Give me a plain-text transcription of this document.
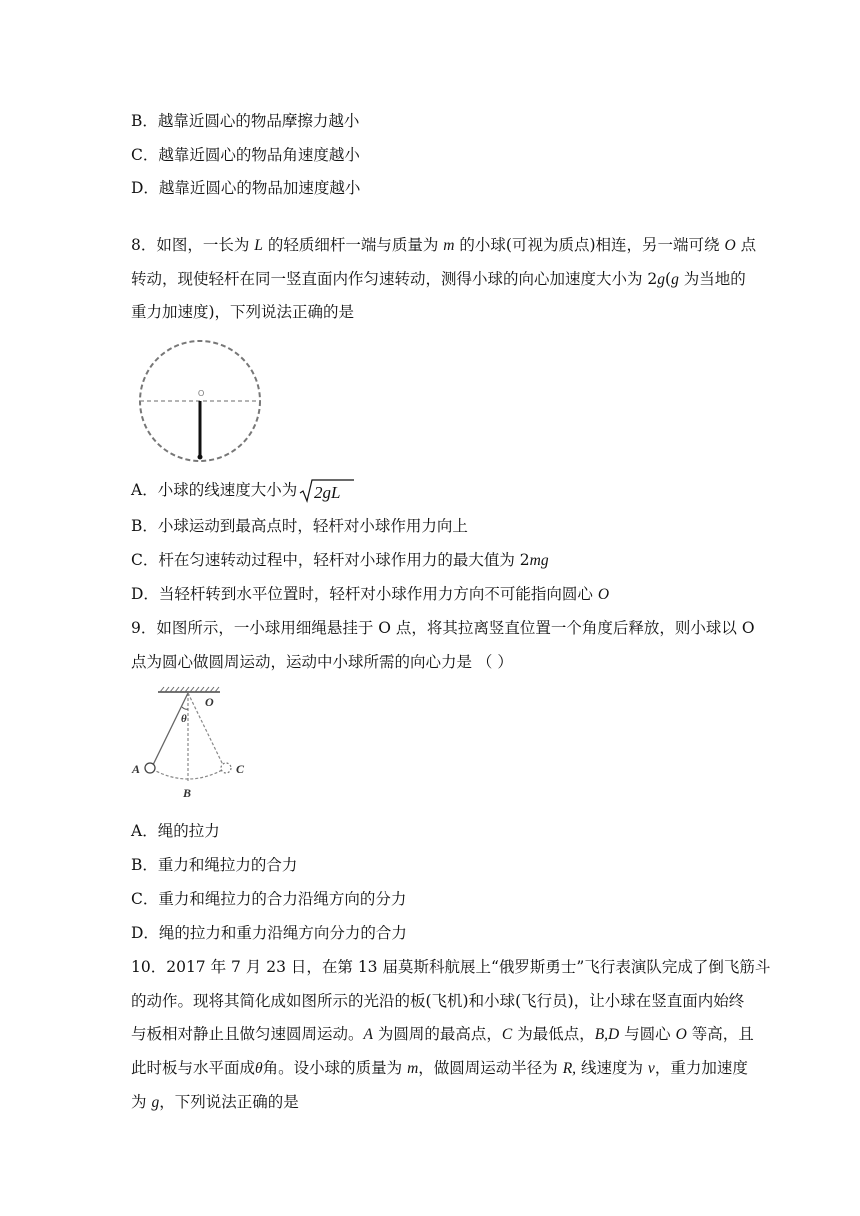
B．越靠近圆心的物品摩擦力越小
C．越靠近圆心的物品角速度越小
D．越靠近圆心的物品加速度越小
8．如图，一长为 L 的轻质细杆一端与质量为 m 的小球(可视为质点)相连，另一端可绕 O 点
转动，现使轻杆在同一竖直面内作匀速转动，测得小球的向心加速度大小为 2g(g 为当地的
重力加速度)，下列说法正确的是
O
A．小球的线速度大小为 2gL
B．小球运动到最高点时，轻杆对小球作用力向上
C．杆在匀速转动过程中，轻杆对小球作用力的最大值为 2mg
D．当轻杆转到水平位置时，轻杆对小球作用力方向不可能指向圆心 O
9．如图所示，一小球用细绳悬挂于 O 点，将其拉离竖直位置一个角度后释放，则小球以 O
点为圆心做圆周运动，运动中小球所需的向心力是 （ ）
O
θ
A
B
C
A．绳的拉力
B．重力和绳拉力的合力
C．重力和绳拉力的合力沿绳方向的分力
D．绳的拉力和重力沿绳方向分力的合力
10．2017 年 7 月 23 日，在第 13 届莫斯科航展上“俄罗斯勇士”飞行表演队完成了倒飞筋斗
的动作。现将其简化成如图所示的光沿的板(飞机)和小球(飞行员)，让小球在竖直面内始终
与板相对静止且做匀速圆周运动。A 为圆周的最高点，C 为最低点，B,D 与圆心 O 等高，且
此时板与水平面成θ角。设小球的质量为 m，做圆周运动半径为 R, 线速度为 v，重力加速度
为 g，下列说法正确的是
